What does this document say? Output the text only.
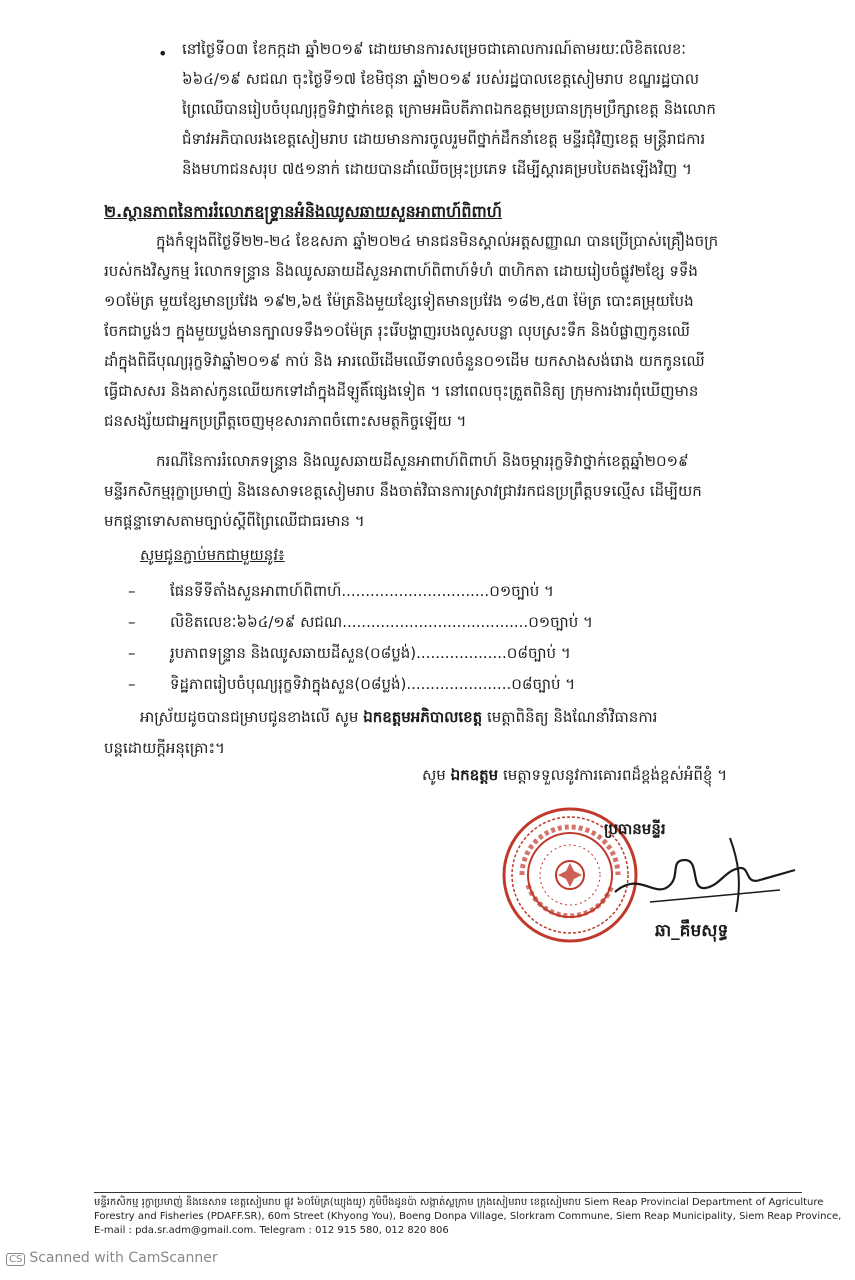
• នៅថ្ងៃទី០៣ ខែកក្កដា ឆ្នាំ២០១៩ ដោយមានការសម្រេចជាគោលការណ៍តាមរយៈលិខិតលេខៈ
៦៦៤/១៩ សជណ ចុះថ្ងៃទី១៧ ខែមិថុនា ឆ្នាំ២០១៩ របស់រដ្ឋបាលខេត្តសៀមរាប ខណ្ឌរដ្ឋបាល
ព្រៃឈើបានរៀបចំបុណ្យរុក្ខទិវាថ្នាក់ខេត្ត ក្រោមអធិបតីភាពឯកឧត្តមប្រធានក្រុមប្រឹក្សាខេត្ត និងលោក
ជំទាវអភិបាលរងខេត្តសៀមរាប ដោយមានការចូលរួមពីថ្នាក់ដឹកនាំខេត្ត មន្ទីរជុំវិញខេត្ត មន្ត្រីរាជការ
និងមហាជនសរុប ៧៥១នាក់ ដោយបានដាំឈើចម្រុះប្រភេទ ដើម្បីស្តារគម្របបៃតងឡើងវិញ ។
២.ស្ថានភាពនៃការរំលោភឧទ្រ្ទានអំនិងឈូសឆាយសួនអាពាហ៍ពិពាហ៍
ក្នុងកំឡុងពីថ្ងៃទី២២-២៤ ខែឧសភា ឆ្នាំ២០២៤ មានជនមិនស្គាល់អត្តសញ្ញាណ បានប្រើប្រាស់គ្រឿងចក្រ
របស់កងវិស្វកម្ម រំលោកទន្រ្ទាន និងឈូសឆាយដីសួនអាពាហ៍ពិពាហ៍ទំហំ ៣ហិកតា ដោយរៀបចំផ្លូវ២ខ្សែ ទទឹង
១០ម៉ែត្រ មួយខ្សែមានប្រវែង ១៩២,៦៥ ម៉ែត្រនិងមួយខ្សែទៀតមានប្រវែង ១៨២,៥៣ ម៉ែត្រ បោះគម្រុយបែង
ចែកជាប្លង់ៗ ក្នុងមួយប្លង់មានក្បាលទទឹង១០ម៉ែត្រ រុះរើបង្ហាញរបងលួសបន្លា លុបស្រះទឹក និងបំផ្លាញកូនឈើ
ដាំក្នុងពិធីបុណ្យរុក្ខទិវាឆ្នាំ២០១៩ កាប់ និង អារឈើដើមឈើទាលចំនួន០១ដើម យកសាងសង់រោង យកកូនឈើ
ធ្វើជាសសរ និងគាស់កូនឈើយកទៅដាំក្នុងដីឡូតិ៍ផ្សេងទៀត ។ នៅពេលចុះត្រួតពិនិត្យ ក្រុមការងារពុំឃើញមាន
ជនសង្ស័យជាអ្នកប្រព្រឹត្តចេញមុខសារភាពចំពោះសមត្ថកិច្ចឡើយ ។
ករណីនៃការរំលោភទន្រ្ទាន និងឈូសឆាយដីសួនអាពាហ៍ពិពាហ៍ និងចម្ការរុក្ខទិវាថ្នាក់ខេត្តឆ្នាំ២០១៩
មន្ទីរកសិកម្មរុក្ខាប្រមាញ់ និងនេសាទខេត្តសៀមរាប នឹងចាត់វិធានការស្រាវជ្រាវរកជនប្រព្រឹត្តបទល្មើស ដើម្បីយក
មកផ្តន្ទាទោសតាមច្បាប់ស្តីពីព្រៃឈើជាធរមាន ។
សូមជូនភ្ជាប់មកជាមួយនូវ៖
– ផែនទីទីតាំងសួនអាពាហ៍ពិពាហ៍...............................០១ច្បាប់ ។
– លិខិតលេខៈ៦៦៤/១៩ សជណ.......................................០១ច្បាប់ ។
– រូបភាពទន្រ្ទាន និងឈូសឆាយដីសួន(០៨ប្លង់)...................០៨ច្បាប់ ។
– ទិដ្ឋភាពរៀបចំបុណ្យរុក្ខទិវាក្នុងសួន(០៨ប្លង់)......................០៨ច្បាប់ ។
អាស្រ័យដូចបានជម្រាបជូនខាងលើ សូម ឯកឧត្តមអភិបាលខេត្ត មេត្តាពិនិត្យ និងណែនាំវិធានការ
បន្តដោយក្តីអនុគ្រោះ។
សូម ឯកឧត្តម មេត្តាទទួលនូវការគោរពដ៏ខ្ពង់ខ្ពស់អំពីខ្ញុំ ។
ប្រធានមន្ទីរ
ឆា_គឹមសុទ្ធ
មន្ទីរកសិកម្ម រុក្ខាប្រមាញ់ និងនេសាទ ខេត្តសៀមរាប ផ្លូវ ៦០ម៉ែត្រ(ឃ្យុងយូ) ភូមិបឹងដូនប៉ា សង្កាត់ស្លក្រាម ក្រុងសៀមរាប ខេត្តសៀមរាប Siem Reap Provincial Department of Agriculture
Forestry and Fisheries (PDAFF.SR), 60m Street (Khyong You), Boeng Donpa Village, Slorkram Commune, Siem Reap Municipality, Siem Reap Province,
E-mail : pda.sr.adm@gmail.com. Telegram : 012 915 580, 012 820 806
CS Scanned with CamScanner
